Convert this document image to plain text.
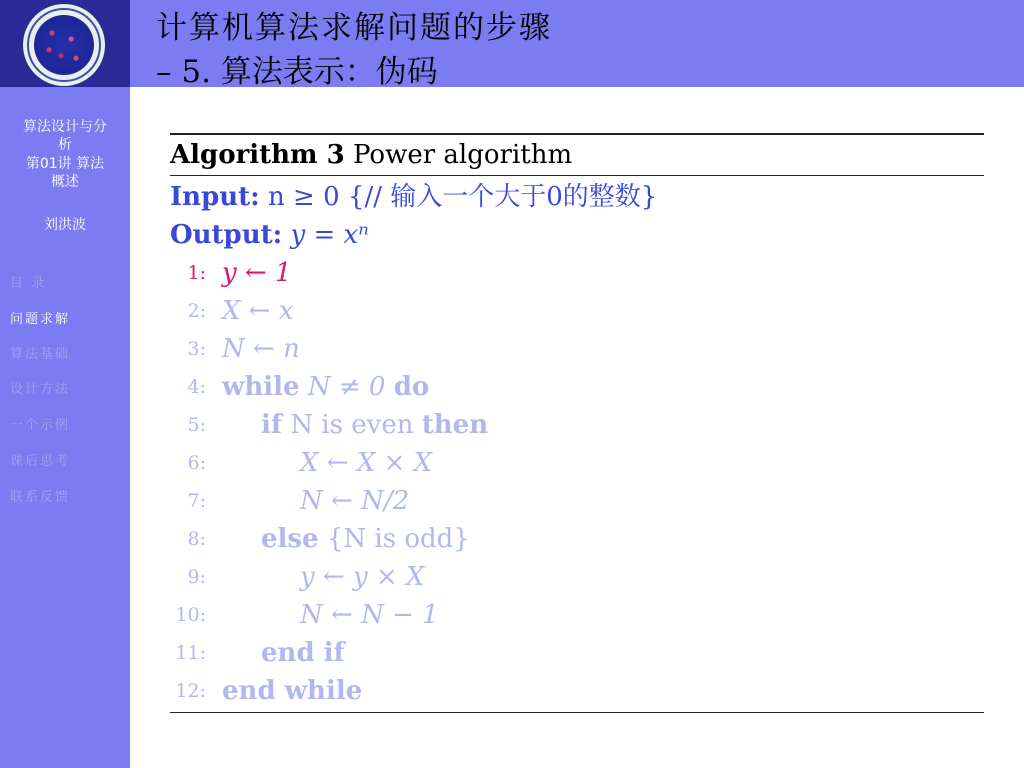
算法设计与分
析
第01讲 算法
概述
刘洪波
目 录
问题求解
算法基础
设计方法
一个示例
课后思考
联系反馈
计算机算法求解问题的步骤
– 5. 算法表示：伪码
Algorithm 3 Power algorithm
Input: n ≥ 0 {// 输入一个大于0的整数}
Output: y = xⁿ
1: y ← 1
2: X ← x
3: N ← n
4: while N ≠ 0 do
5:	if N is even then
6:	X ← X × X
7:	N ← N/2
8:	else {N is odd}
9:	y ← y × X
10:	N ← N − 1
11:	end if
12: end while
